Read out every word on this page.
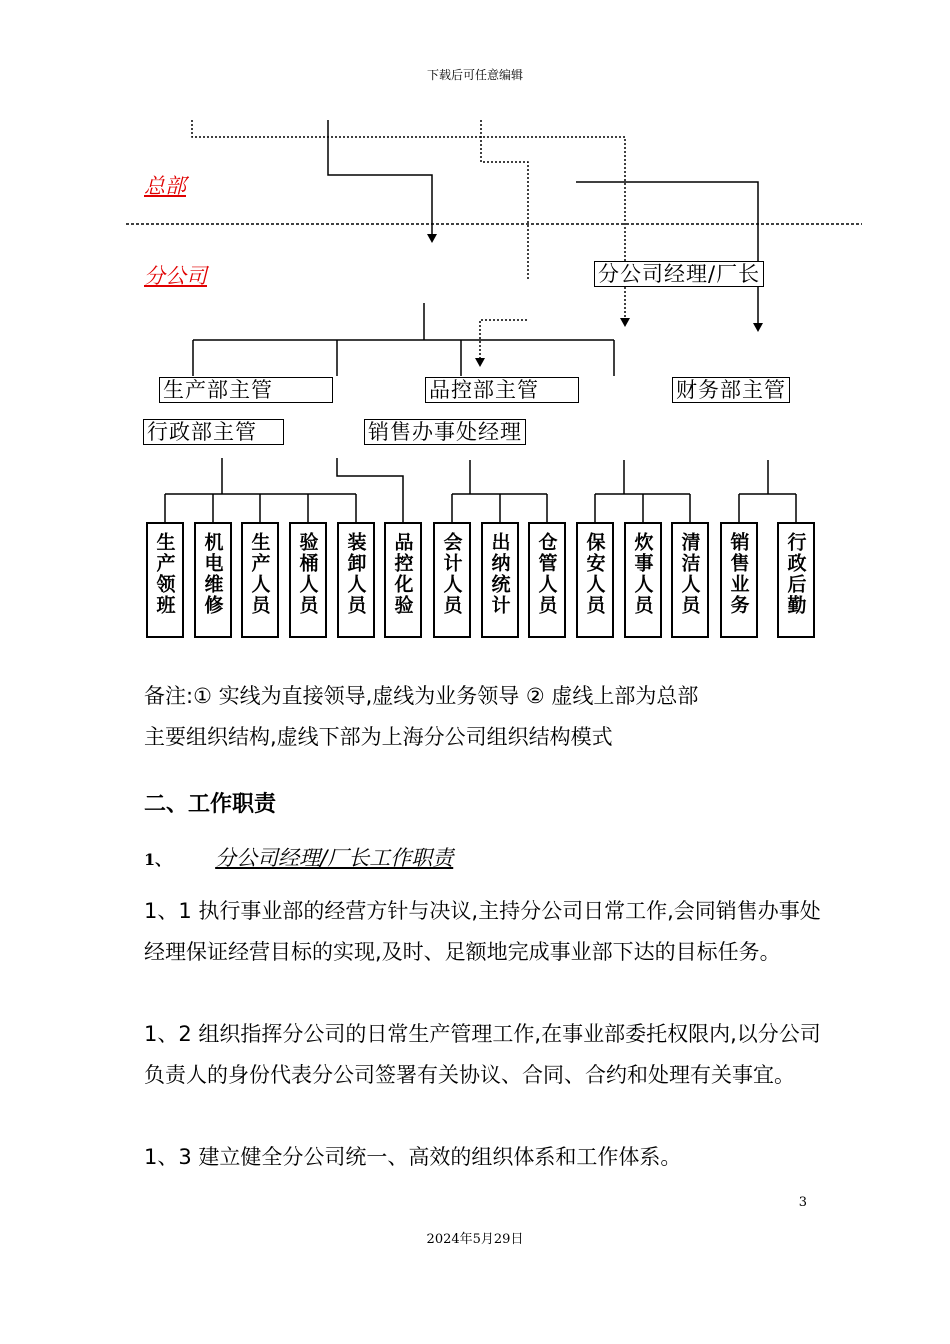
下载后可任意编辑
总部
分公司	分公司经理/厂长
生产部主管	品控部主管	财务部主管
行政部主管	销售办事处经理
生产领班	机电维修	生产人员	验桶人员	装卸人员	品控化验	会计人员	出纳统计	仓管人员	保安人员	炊事人员	清洁人员	销售业务	行政后勤
备注:① 实线为直接领导,虚线为业务领导 ② 虚线上部为总部
主要组织结构,虚线下部为上海分公司组织结构模式
二、工作职责
1、 分公司经理/厂长工作职责
1、1 执行事业部的经营方针与决议,主持分公司日常工作,会同销售办事处经理保证经营目标的实现,及时、足额地完成事业部下达的目标任务。
1、2 组织指挥分公司的日常生产管理工作,在事业部委托权限内,以分公司负责人的身份代表分公司签署有关协议、合同、合约和处理有关事宜。
1、3 建立健全分公司统一、高效的组织体系和工作体系。
3
2024年5月29日
